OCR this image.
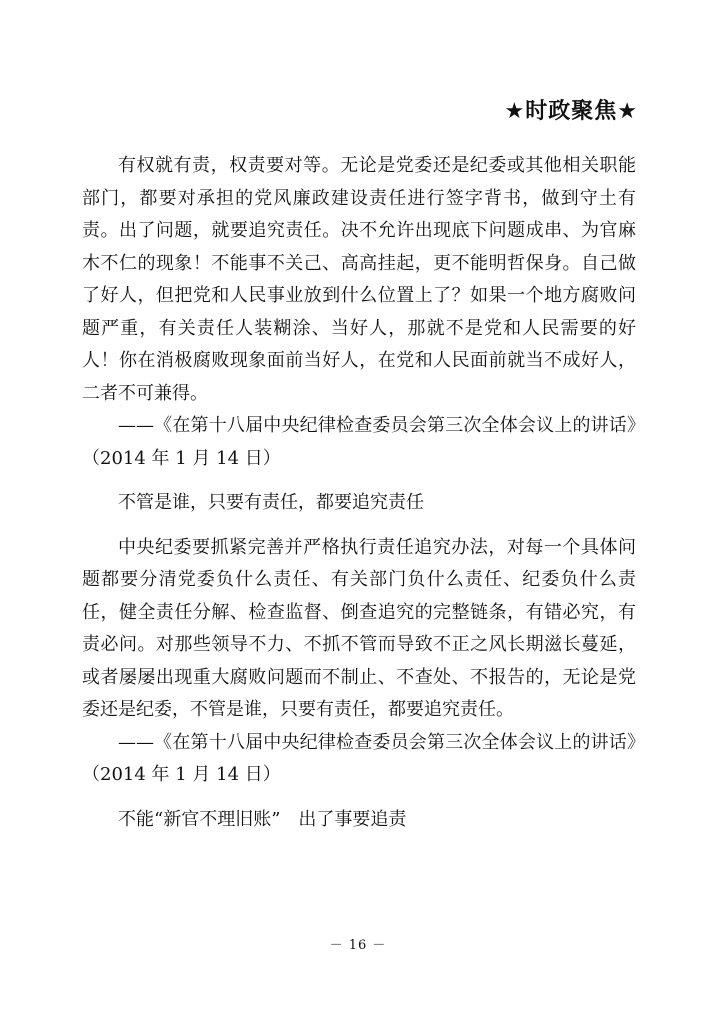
★时政聚焦★

有权就有责，权责要对等。无论是党委还是纪委或其他相关职能部门，都要对承担的党风廉政建设责任进行签字背书，做到守土有责。出了问题，就要追究责任。决不允许出现底下问题成串、为官麻木不仁的现象！不能事不关己、高高挂起，更不能明哲保身。自己做了好人，但把党和人民事业放到什么位置上了？如果一个地方腐败问题严重，有关责任人装糊涂、当好人，那就不是党和人民需要的好人！你在消极腐败现象面前当好人，在党和人民面前就当不成好人，二者不可兼得。

——《在第十八届中央纪律检查委员会第三次全体会议上的讲话》（2014 年 1 月 14 日）

不管是谁，只要有责任，都要追究责任

中央纪委要抓紧完善并严格执行责任追究办法，对每一个具体问题都要分清党委负什么责任、有关部门负什么责任、纪委负什么责任，健全责任分解、检查监督、倒查追究的完整链条，有错必究，有责必问。对那些领导不力、不抓不管而导致不正之风长期滋长蔓延，或者屡屡出现重大腐败问题而不制止、不查处、不报告的，无论是党委还是纪委，不管是谁，只要有责任，都要追究责任。

——《在第十八届中央纪律检查委员会第三次全体会议上的讲话》（2014 年 1 月 14 日）

不能“新官不理旧账”　出了事要追责

－ 16 －
